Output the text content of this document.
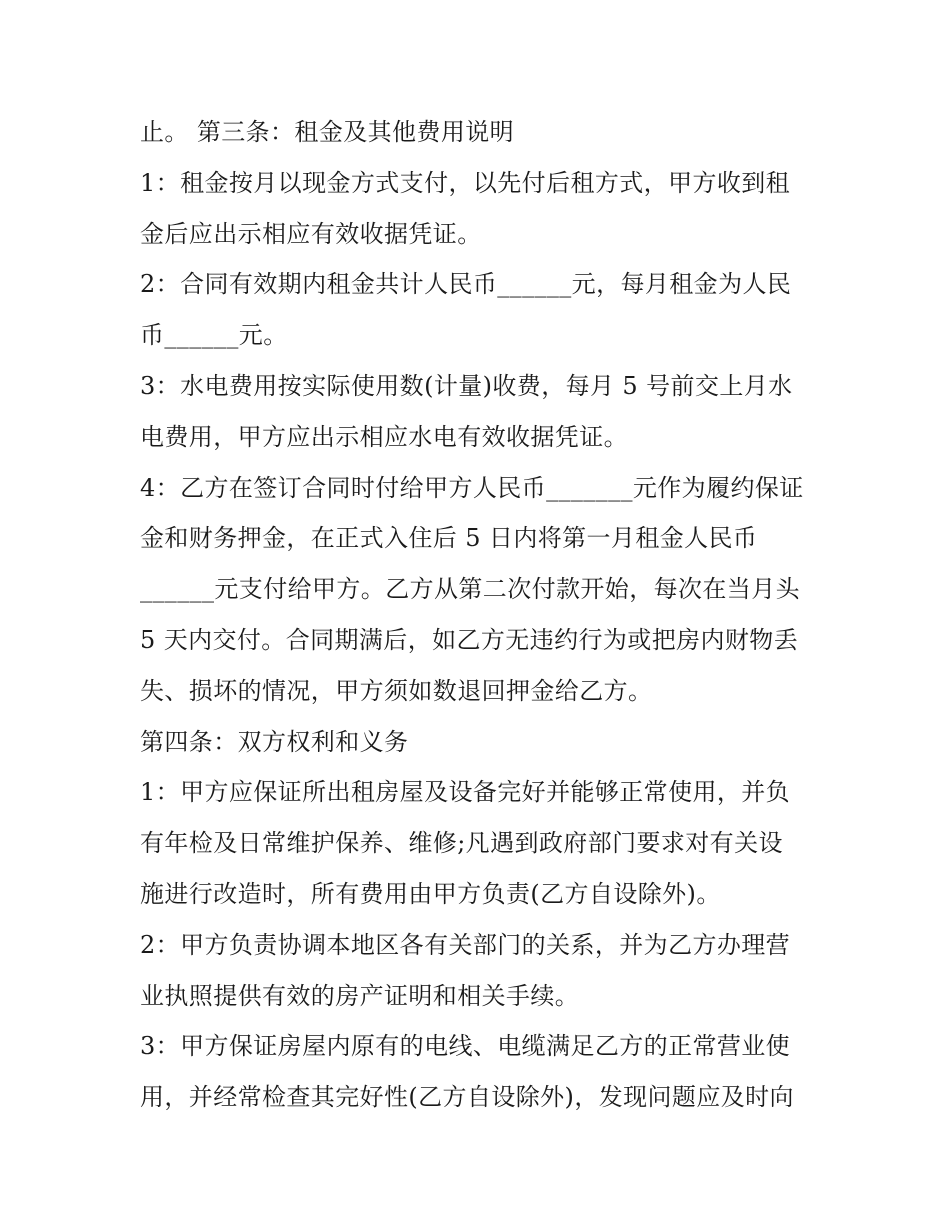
止。 第三条：租金及其他费用说明
1：租金按月以现金方式支付，以先付后租方式，甲方收到租
金后应出示相应有效收据凭证。
2：合同有效期内租金共计人民币______元，每月租金为人民
币______元。
3：水电费用按实际使用数(计量)收费，每月 5 号前交上月水
电费用，甲方应出示相应水电有效收据凭证。
4：乙方在签订合同时付给甲方人民币_______元作为履约保证
金和财务押金，在正式入住后 5 日内将第一月租金人民币
______元支付给甲方。乙方从第二次付款开始，每次在当月头
5 天内交付。合同期满后，如乙方无违约行为或把房内财物丢
失、损坏的情况，甲方须如数退回押金给乙方。
第四条：双方权利和义务
1：甲方应保证所出租房屋及设备完好并能够正常使用，并负
有年检及日常维护保养、维修;凡遇到政府部门要求对有关设
施进行改造时，所有费用由甲方负责(乙方自设除外)。
2：甲方负责协调本地区各有关部门的关系，并为乙方办理营
业执照提供有效的房产证明和相关手续。
3：甲方保证房屋内原有的电线、电缆满足乙方的正常营业使
用，并经常检查其完好性(乙方自设除外)，发现问题应及时向
